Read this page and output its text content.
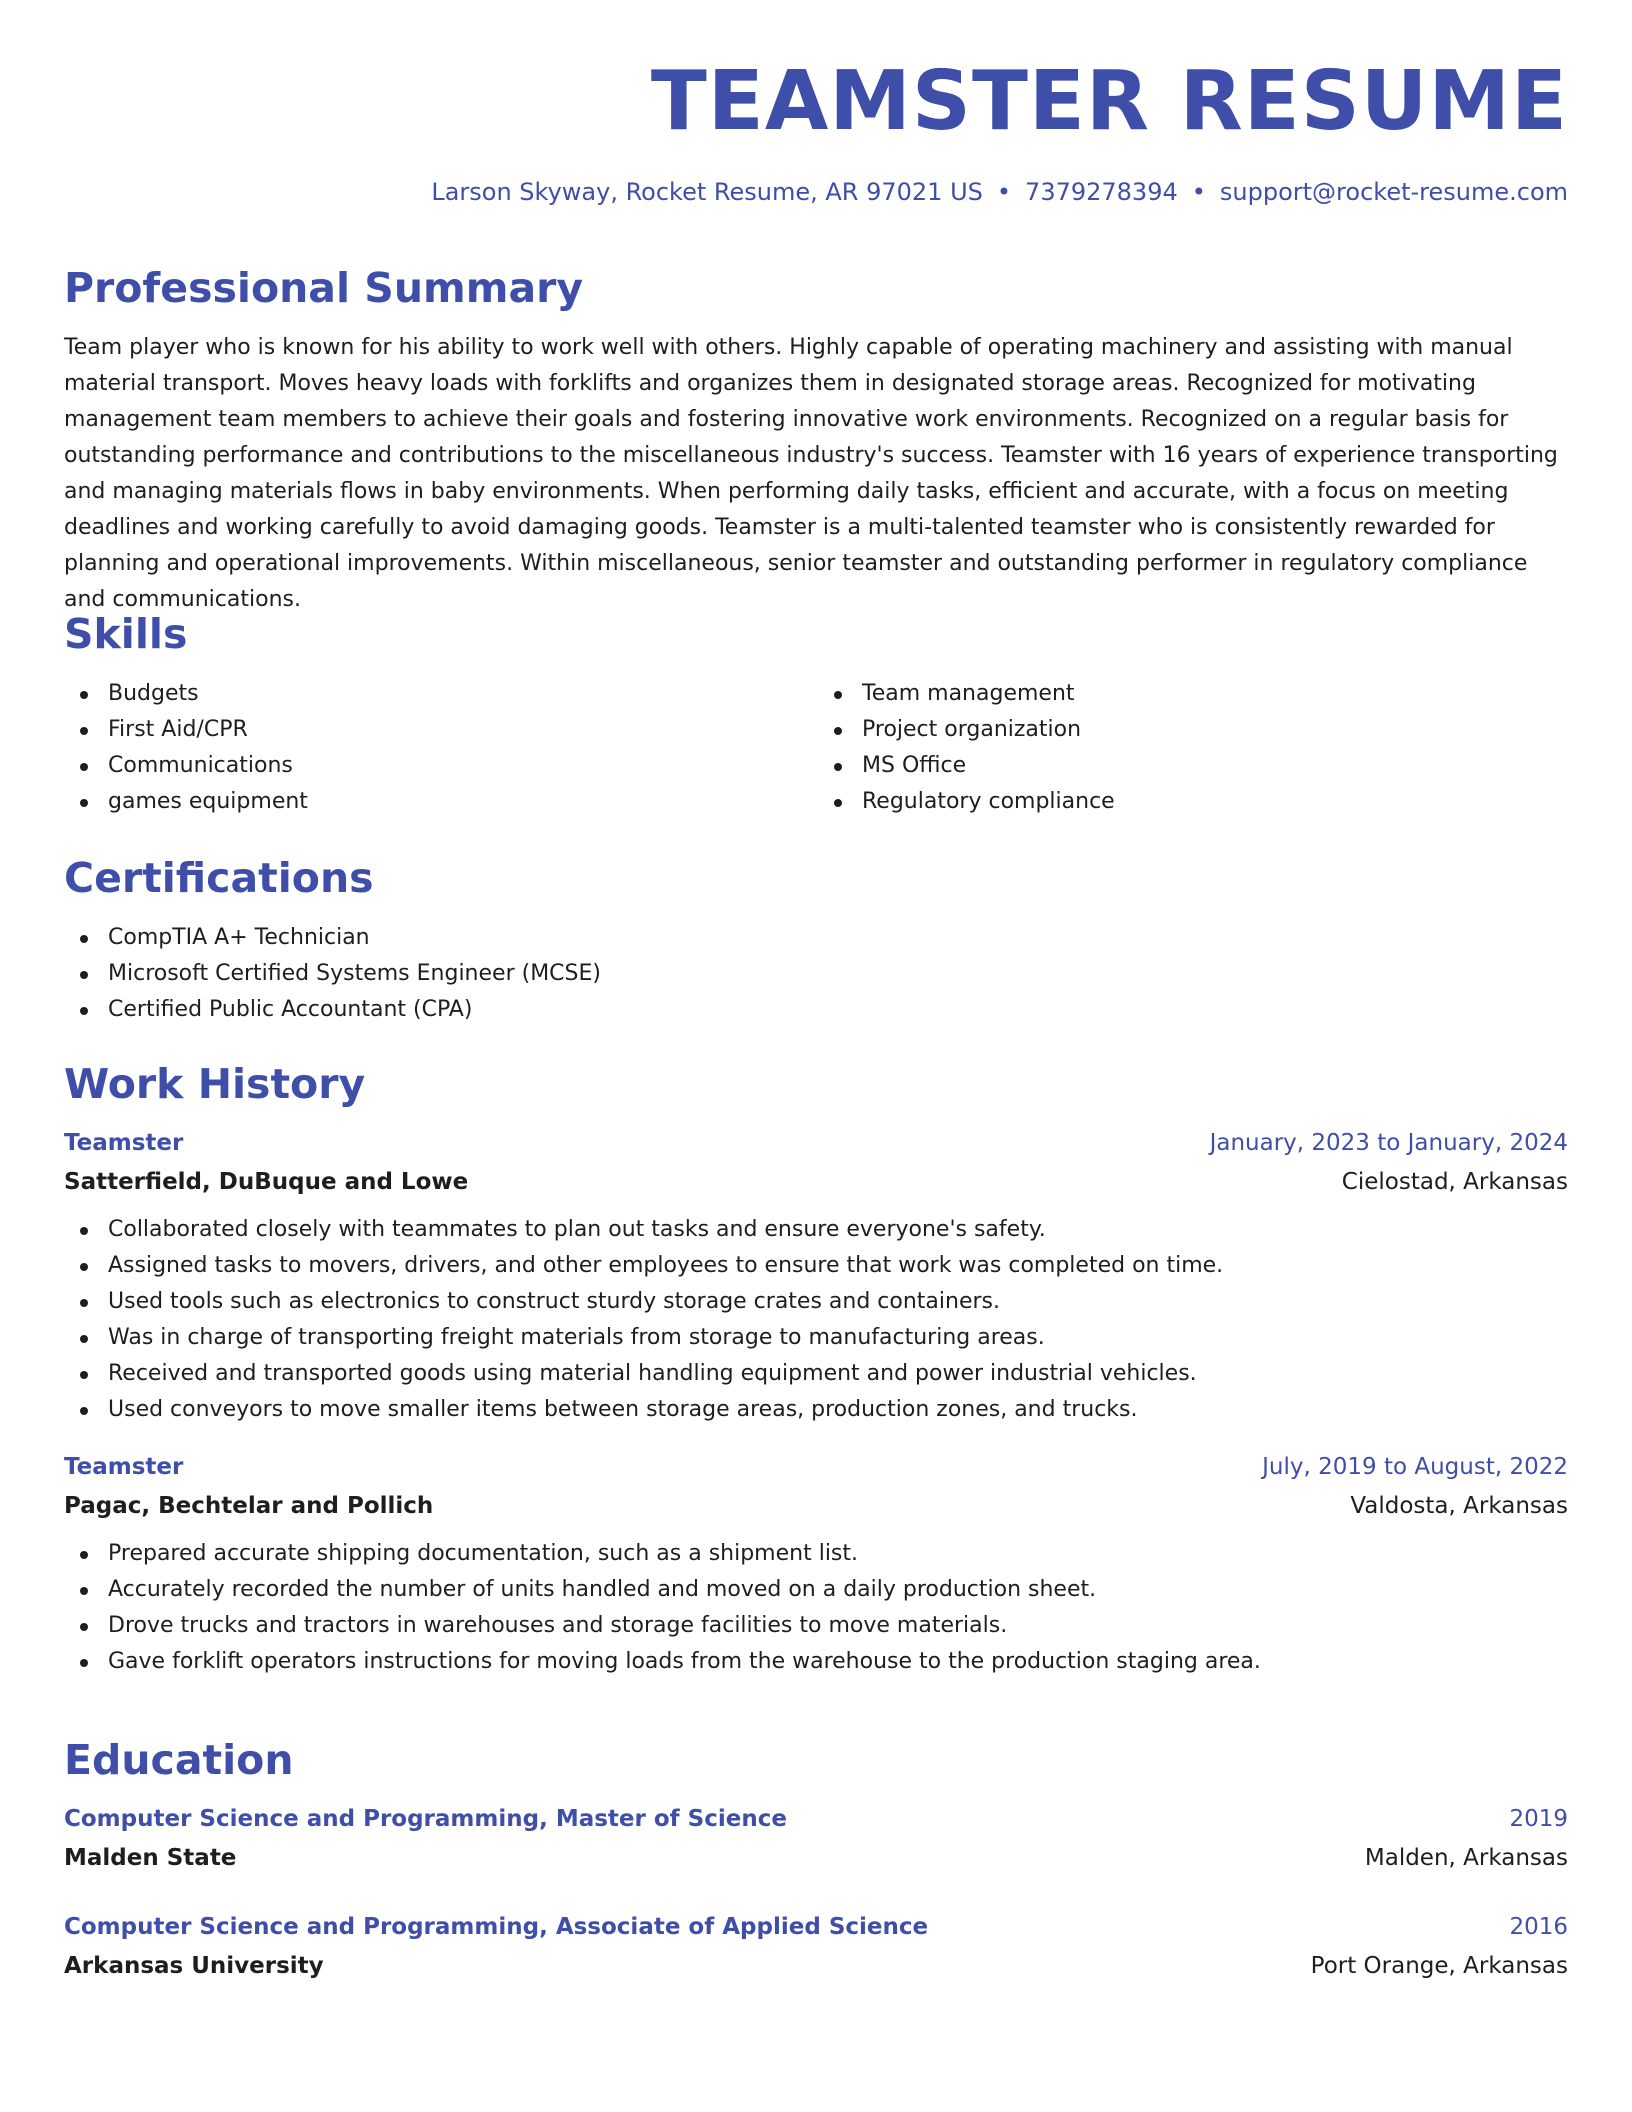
TEAMSTER RESUME
Larson Skyway, Rocket Resume, AR 97021 US • 7379278394 • support@rocket-resume.com
Professional Summary

Team player who is known for his ability to work well with others. Highly capable of operating machinery and assisting with manual material transport. Moves heavy loads with forklifts and organizes them in designated storage areas. Recognized for motivating management team members to achieve their goals and fostering innovative work environments. Recognized on a regular basis for outstanding performance and contributions to the miscellaneous industry's success. Teamster with 16 years of experience transporting and managing materials flows in baby environments. When performing daily tasks, efficient and accurate, with a focus on meeting deadlines and working carefully to avoid damaging goods. Teamster is a multi-talented teamster who is consistently rewarded for planning and operational improvements. Within miscellaneous, senior teamster and outstanding performer in regulatory compliance and communications.

Skills
Budgets
First Aid/CPR
Communications
games equipment
Team management
Project organization
MS Office
Regulatory compliance
Certifications
CompTIA A+ Technician
Microsoft Certified Systems Engineer (MCSE)
Certified Public Accountant (CPA)
Work History
Teamster	January, 2023 to January, 2024
Satterfield, DuBuque and Lowe	Cielostad, Arkansas
Collaborated closely with teammates to plan out tasks and ensure everyone's safety.
Assigned tasks to movers, drivers, and other employees to ensure that work was completed on time.
Used tools such as electronics to construct sturdy storage crates and containers.
Was in charge of transporting freight materials from storage to manufacturing areas.
Received and transported goods using material handling equipment and power industrial vehicles.
Used conveyors to move smaller items between storage areas, production zones, and trucks.
Teamster	July, 2019 to August, 2022
Pagac, Bechtelar and Pollich	Valdosta, Arkansas
Prepared accurate shipping documentation, such as a shipment list.
Accurately recorded the number of units handled and moved on a daily production sheet.
Drove trucks and tractors in warehouses and storage facilities to move materials.
Gave forklift operators instructions for moving loads from the warehouse to the production staging area.
Education
Computer Science and Programming, Master of Science	2019
Malden State	Malden, Arkansas
Computer Science and Programming, Associate of Applied Science	2016
Arkansas University	Port Orange, Arkansas
